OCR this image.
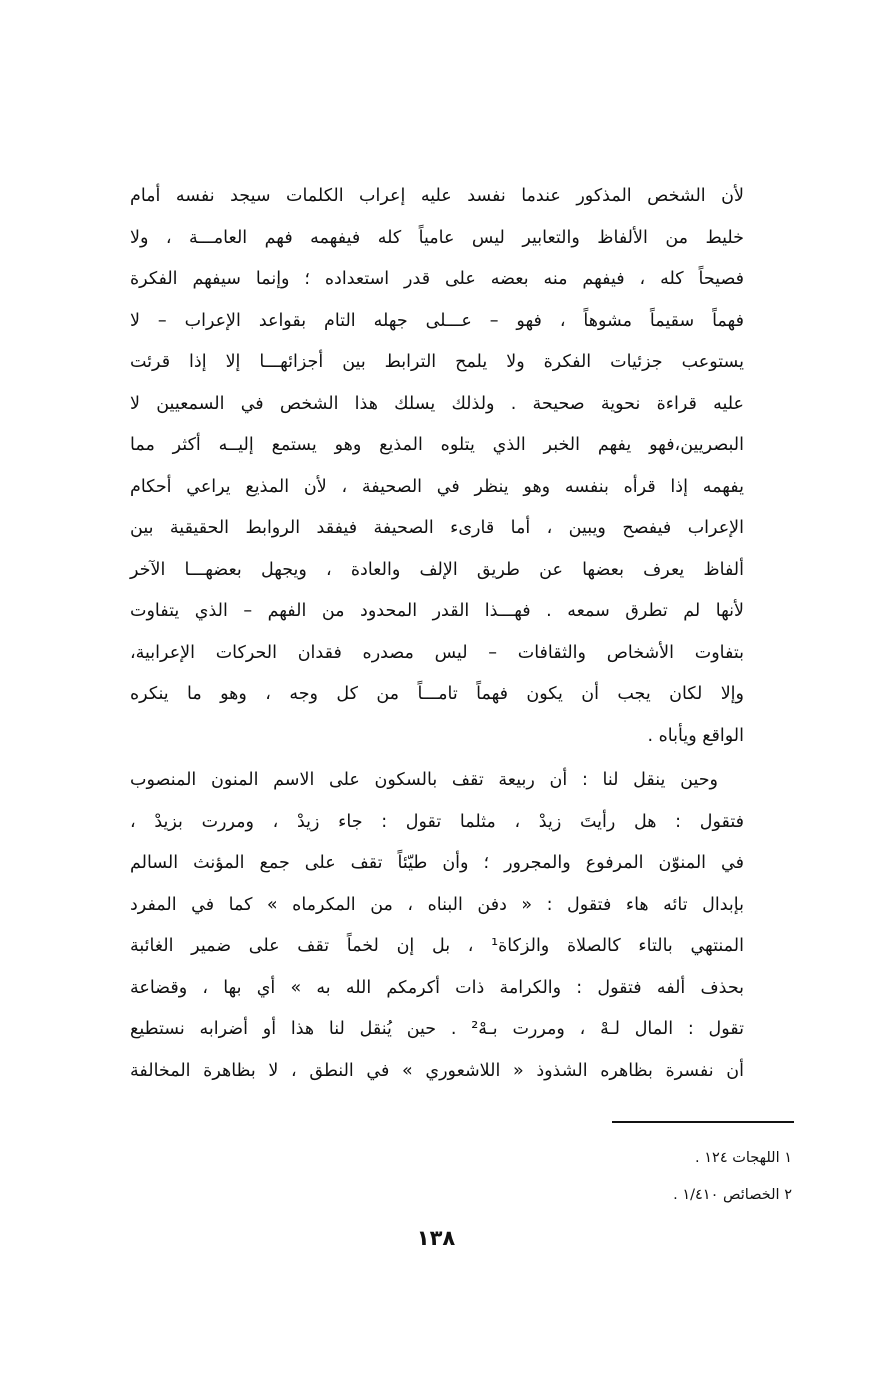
لأن الشخص المذكور عندما نفسد عليه إعراب الكلمات سيجد نفسه أمام
خليط من الألفاظ والتعابير ليس عامياً كله فيفهمه فهم العامـــة ، ولا
فصيحاً كله ، فيفهم منه بعضه على قدر استعداده ؛ وإنما سيفهم الفكرة
فهماً سقيماً مشوهاً ، فهو – عـــلى جهله التام بقواعد الإعراب – لا
يستوعب جزئيات الفكرة ولا يلمح الترابط بين أجزائهـــا إلا إذا قرئت
عليه قراءة نحوية صحيحة . ولذلك يسلك هذا الشخص في السمعيين لا
البصريين،فهو يفهم الخبر الذي يتلوه المذيع وهو يستمع إليــه أكثر مما
يفهمه إذا قرأه بنفسه وهو ينظر في الصحيفة ، لأن المذيع يراعي أحكام
الإعراب فيفصح ويبين ، أما قارىء الصحيفة فيفقد الروابط الحقيقية بين
ألفاظ يعرف بعضها عن طريق الإلف والعادة ، ويجهل بعضهـــا الآخر
لأنها لم تطرق سمعه . فهـــذا القدر المحدود من الفهم – الذي يتفاوت
بتفاوت الأشخاص والثقافات – ليس مصدره فقدان الحركات الإعرابية،
وإلا لكان يجب أن يكون فهماً تامـــاً من كل وجه ، وهو ما ينكره
الواقع ويأباه .
وحين ينقل لنا : أن ربيعة تقف بالسكون على الاسم المنون المنصوب
فتقول : هل رأيتَ زيدْ ، مثلما تقول : جاء زيدْ ، ومررت بزيدْ ،
في المنوّن المرفوع والمجرور ؛ وأن طيّئاً تقف على جمع المؤنث السالم
بإبدال تائه هاء فتقول : « دفن البناه ، من المكرماه » كما في المفرد
المنتهي بالتاء كالصلاة والزكاة¹ ، بل إن لخماً تقف على ضمير الغائبة
بحذف ألفه فتقول : والكرامة ذات أكرمكم الله به » أي بها ، وقضاعة
تقول : المال لـهْ ، ومررت بـهْ² . حين يُنقل لنا هذا أو أضرابه نستطيع
أن نفسرة بظاهره الشذوذ « اللاشعوري » في النطق ، لا بظاهرة المخالفة
١ اللهجات ١٢٤ .
٢ الخصائص ١/٤١٠ .
١٣٨
